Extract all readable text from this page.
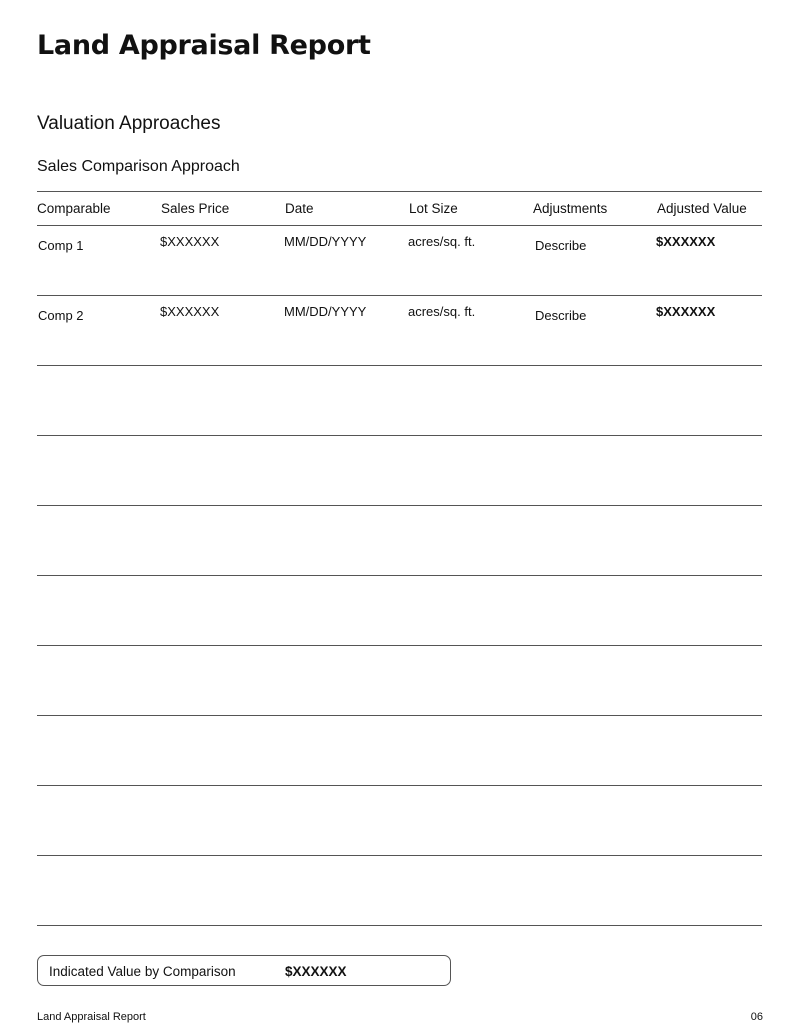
Land Appraisal Report
Valuation Approaches
Sales Comparison Approach
Comparable	Sales Price	Date	Lot Size	Adjustments	Adjusted Value
Comp 1	$XXXXXX	MM/DD/YYYY	acres/sq. ft.	Describe	$XXXXXX
Comp 2	$XXXXXX	MM/DD/YYYY	acres/sq. ft.	Describe	$XXXXXX
Indicated Value by Comparison	$XXXXXX
Land Appraisal Report	06
